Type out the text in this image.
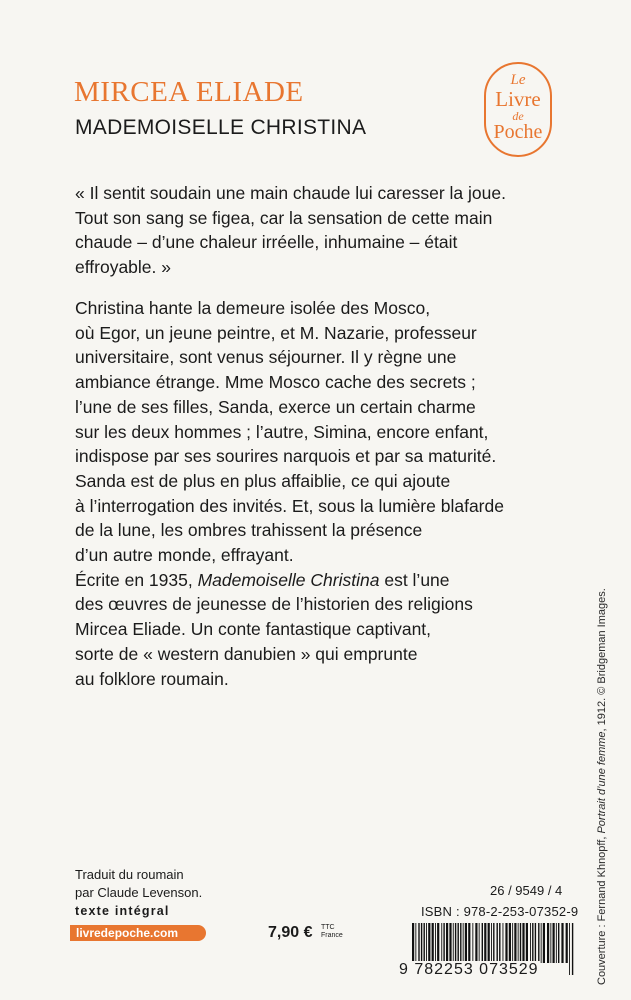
MIRCEA ELIADE
MADEMOISELLE CHRISTINA
Le
Livre
de
Poche
« Il sentit soudain une main chaude lui caresser la joue.
Tout son sang se figea, car la sensation de cette main
chaude – d’une chaleur irréelle, inhumaine – était
effroyable. »
Christina hante la demeure isolée des Mosco,
où Egor, un jeune peintre, et M. Nazarie, professeur
universitaire, sont venus séjourner. Il y règne une
ambiance étrange. Mme Mosco cache des secrets ;
l’une de ses filles, Sanda, exerce un certain charme
sur les deux hommes ; l’autre, Simina, encore enfant,
indispose par ses sourires narquois et par sa maturité.
Sanda est de plus en plus affaiblie, ce qui ajoute
à l’interrogation des invités. Et, sous la lumière blafarde
de la lune, les ombres trahissent la présence
d’un autre monde, effrayant.
Écrite en 1935, Mademoiselle Christina est l’une
des œuvres de jeunesse de l’historien des religions
Mircea Eliade. Un conte fantastique captivant,
sorte de « western danubien » qui emprunte
au folklore roumain.
Couverture : Fernand Khnopff, Portrait d’une femme, 1912. © Bridgeman Images.
Traduit du roumain
par Claude Levenson.
texte intégral
livredepoche.com	7,90 € TTC
France
26 / 9549 / 4
ISBN : 978-2-253-07352-9
9 782253 073529
